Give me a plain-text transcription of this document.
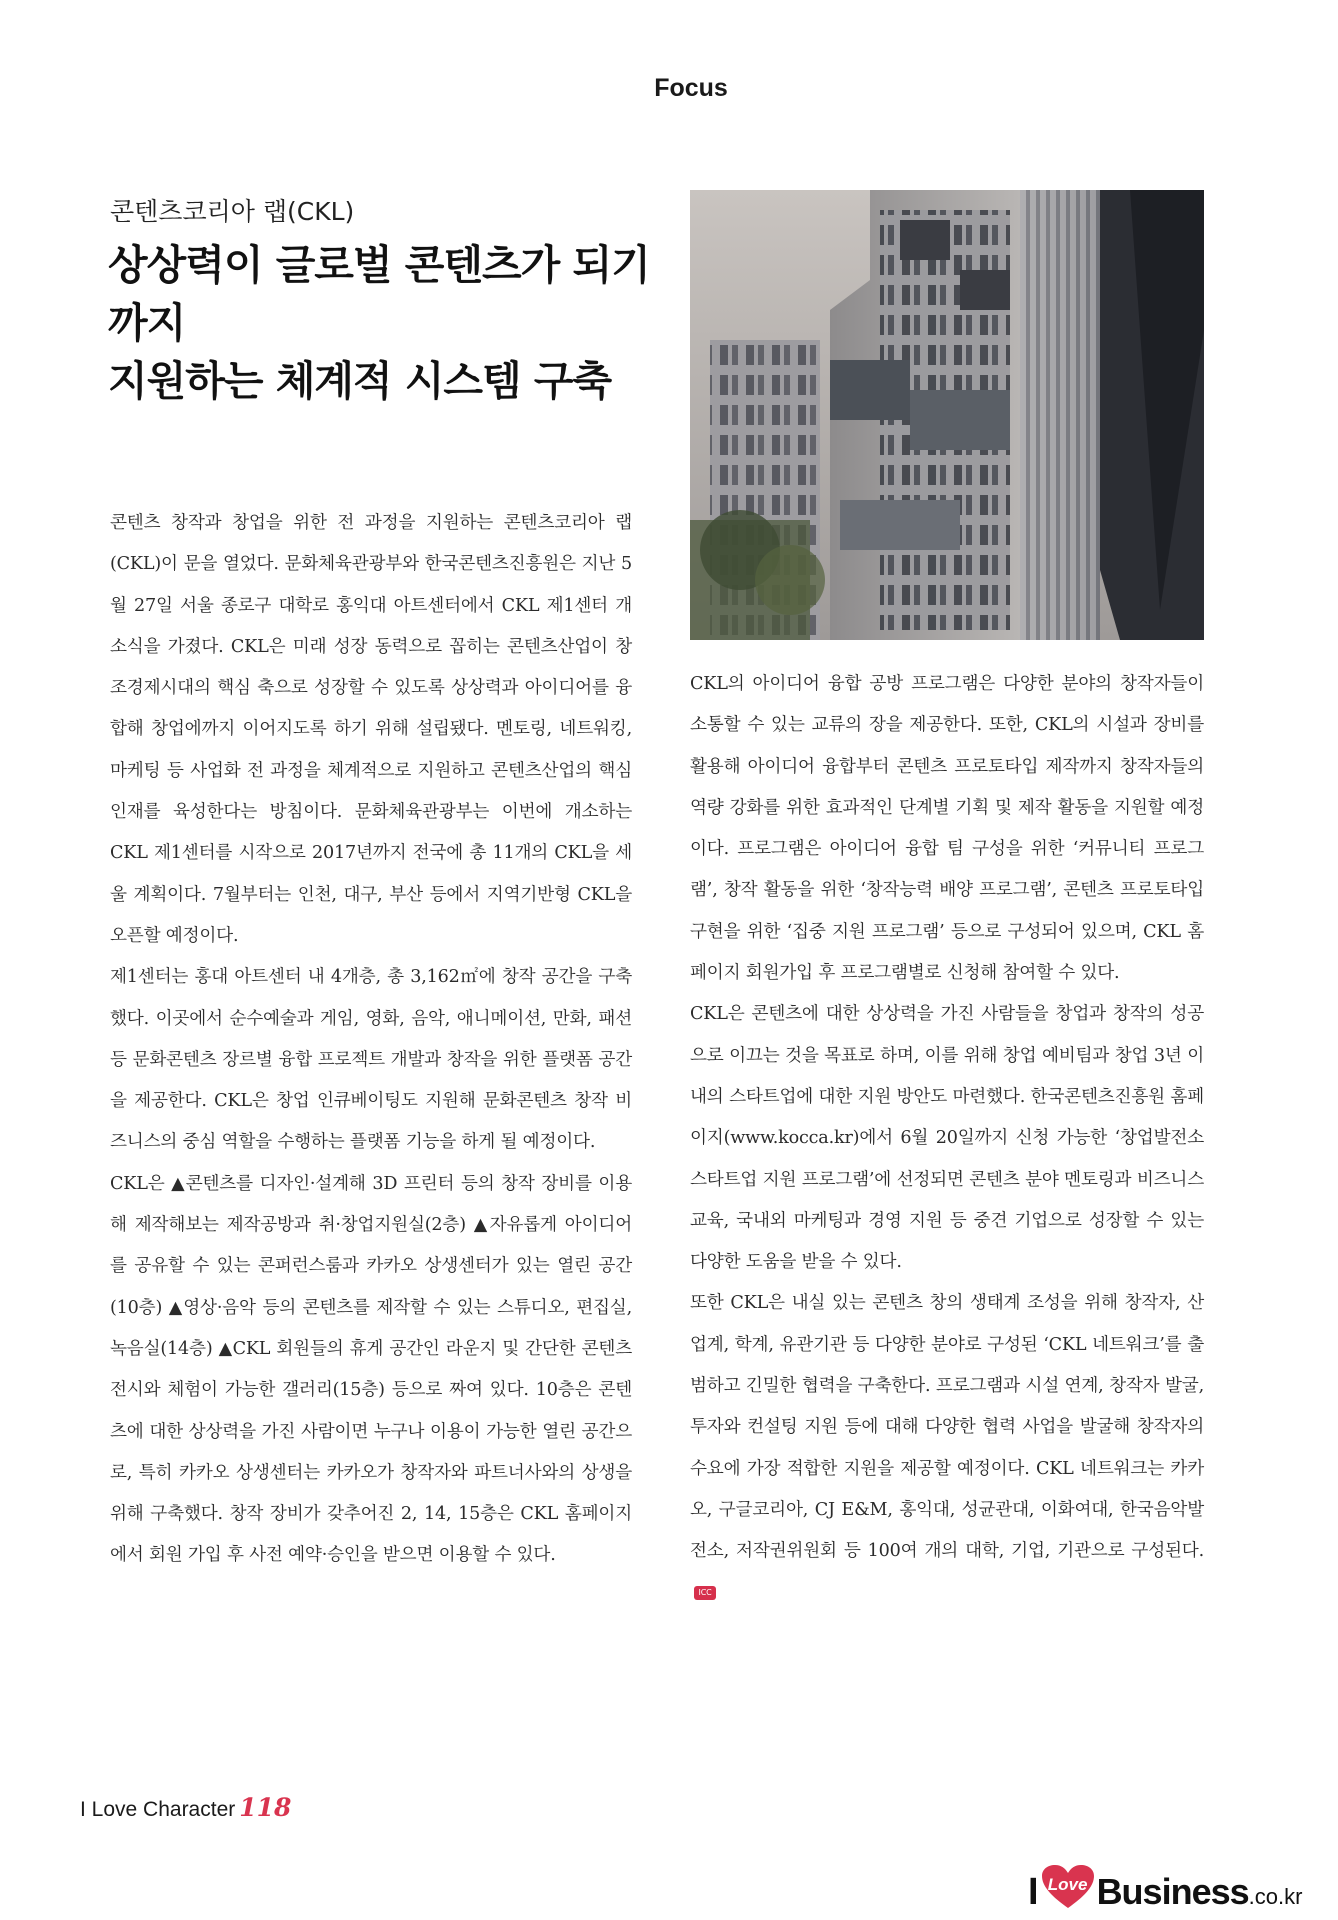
Focus
콘텐츠코리아 랩(CKL)
상상력이 글로벌 콘텐츠가 되기까지
지원하는 체계적 시스템 구축

콘텐츠 창작과 창업을 위한 전 과정을 지원하는 콘텐츠코리아 랩(CKL)이 문을 열었다. 문화체육관광부와 한국콘텐츠진흥원은 지난 5월 27일 서울 종로구 대학로 홍익대 아트센터에서 CKL 제1센터 개소식을 가졌다. CKL은 미래 성장 동력으로 꼽히는 콘텐츠산업이 창조경제시대의 핵심 축으로 성장할 수 있도록 상상력과 아이디어를 융합해 창업에까지 이어지도록 하기 위해 설립됐다. 멘토링, 네트워킹, 마케팅 등 사업화 전 과정을 체계적으로 지원하고 콘텐츠산업의 핵심 인재를 육성한다는 방침이다. 문화체육관광부는 이번에 개소하는 CKL 제1센터를 시작으로 2017년까지 전국에 총 11개의 CKL을 세울 계획이다. 7월부터는 인천, 대구, 부산 등에서 지역기반형 CKL을 오픈할 예정이다.

제1센터는 홍대 아트센터 내 4개층, 총 3,162㎡에 창작 공간을 구축했다. 이곳에서 순수예술과 게임, 영화, 음악, 애니메이션, 만화, 패션 등 문화콘텐츠 장르별 융합 프로젝트 개발과 창작을 위한 플랫폼 공간을 제공한다. CKL은 창업 인큐베이팅도 지원해 문화콘텐츠 창작 비즈니스의 중심 역할을 수행하는 플랫폼 기능을 하게 될 예정이다.

CKL은 ▲콘텐츠를 디자인·설계해 3D 프린터 등의 창작 장비를 이용해 제작해보는 제작공방과 취·창업지원실(2층) ▲자유롭게 아이디어를 공유할 수 있는 콘퍼런스룸과 카카오 상생센터가 있는 열린 공간(10층) ▲영상·음악 등의 콘텐츠를 제작할 수 있는 스튜디오, 편집실, 녹음실(14층) ▲CKL 회원들의 휴게 공간인 라운지 및 간단한 콘텐츠 전시와 체험이 가능한 갤러리(15층) 등으로 짜여 있다. 10층은 콘텐츠에 대한 상상력을 가진 사람이면 누구나 이용이 가능한 열린 공간으로, 특히 카카오 상생센터는 카카오가 창작자와 파트너사와의 상생을 위해 구축했다. 창작 장비가 갖추어진 2, 14, 15층은 CKL 홈페이지에서 회원 가입 후 사전 예약·승인을 받으면 이용할 수 있다.

CKL의 아이디어 융합 공방 프로그램은 다양한 분야의 창작자들이 소통할 수 있는 교류의 장을 제공한다. 또한, CKL의 시설과 장비를 활용해 아이디어 융합부터 콘텐츠 프로토타입 제작까지 창작자들의 역량 강화를 위한 효과적인 단계별 기획 및 제작 활동을 지원할 예정이다. 프로그램은 아이디어 융합 팀 구성을 위한 ‘커뮤니티 프로그램’, 창작 활동을 위한 ‘창작능력 배양 프로그램’, 콘텐츠 프로토타입 구현을 위한 ‘집중 지원 프로그램’ 등으로 구성되어 있으며, CKL 홈페이지 회원가입 후 프로그램별로 신청해 참여할 수 있다.

CKL은 콘텐츠에 대한 상상력을 가진 사람들을 창업과 창작의 성공으로 이끄는 것을 목표로 하며, 이를 위해 창업 예비팀과 창업 3년 이내의 스타트업에 대한 지원 방안도 마련했다. 한국콘텐츠진흥원 홈페이지(www.kocca.kr)에서 6월 20일까지 신청 가능한 ‘창업발전소 스타트업 지원 프로그램’에 선정되면 콘텐츠 분야 멘토링과 비즈니스 교육, 국내외 마케팅과 경영 지원 등 중견 기업으로 성장할 수 있는 다양한 도움을 받을 수 있다.

또한 CKL은 내실 있는 콘텐츠 창의 생태계 조성을 위해 창작자, 산업계, 학계, 유관기관 등 다양한 분야로 구성된 ‘CKL 네트워크’를 출범하고 긴밀한 협력을 구축한다. 프로그램과 시설 연계, 창작자 발굴, 투자와 컨설팅 지원 등에 대해 다양한 협력 사업을 발굴해 창작자의 수요에 가장 적합한 지원을 제공할 예정이다. CKL 네트워크는 카카오, 구글코리아, CJ E&M, 홍익대, 성균관대, 이화여대, 한국음악발전소, 저작권위원회 등 100여 개의 대학, 기업, 기관으로 구성된다.ICC

I Love Character 118
I Love Business .co.kr
